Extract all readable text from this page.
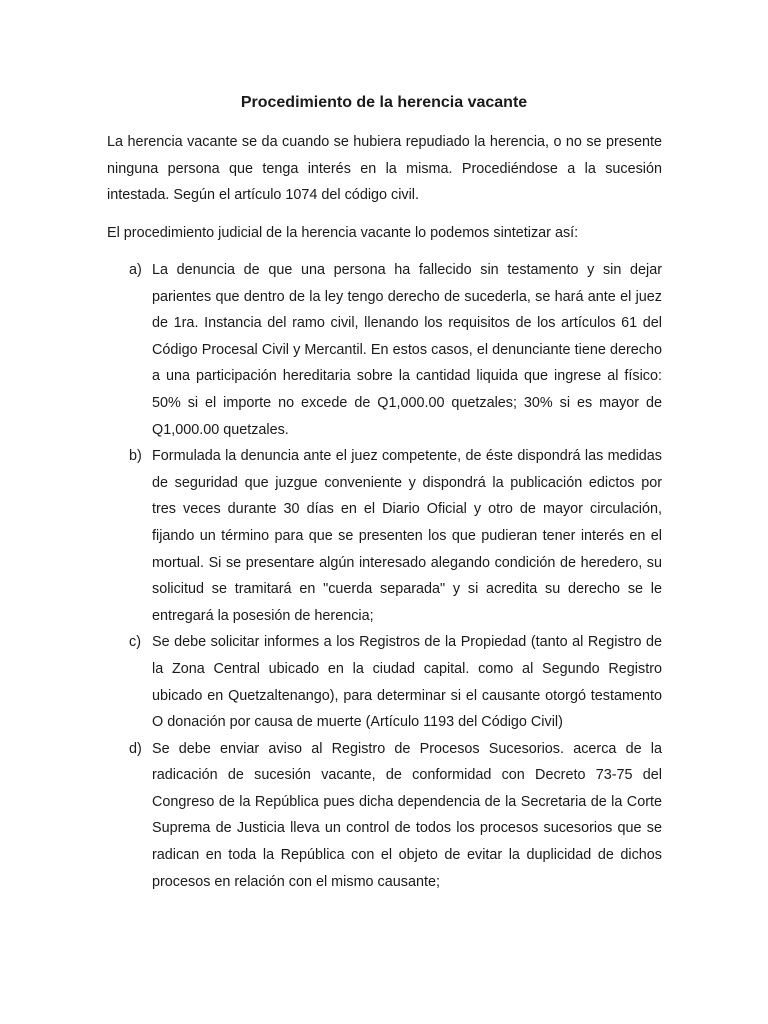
Procedimiento de la herencia vacante

La herencia vacante se da cuando se hubiera repudiado la herencia, o no se presente ninguna persona que tenga interés en la misma. Procediéndose a la sucesión intestada. Según el artículo 1074 del código civil.

El procedimiento judicial de la herencia vacante lo podemos sintetizar así:

a) La denuncia de que una persona ha fallecido sin testamento y sin dejar parientes que dentro de la ley tengo derecho de sucederla, se hará ante el juez de 1ra. Instancia del ramo civil, llenando los requisitos de los artículos 61 del Código Procesal Civil y Mercantil. En estos casos, el denunciante tiene derecho a una participación hereditaria sobre la cantidad liquida que ingrese al físico: 50% si el importe no excede de Q1,000.00 quetzales; 30% si es mayor de Q1,000.00 quetzales.
b) Formulada la denuncia ante el juez competente, de éste dispondrá las medidas de seguridad que juzgue conveniente y dispondrá la publicación edictos por tres veces durante 30 días en el Diario Oficial y otro de mayor circulación, fijando un término para que se presenten los que pudieran tener interés en el mortual. Si se presentare algún interesado alegando condición de heredero, su solicitud se tramitará en "cuerda separada" y si acredita su derecho se le entregará la posesión de herencia;
c) Se debe solicitar informes a los Registros de la Propiedad (tanto al Registro de la Zona Central ubicado en la ciudad capital. como al Segundo Registro ubicado en Quetzaltenango), para determinar si el causante otorgó testamento O donación por causa de muerte (Artículo 1193 del Código Civil)
d) Se debe enviar aviso al Registro de Procesos Sucesorios. acerca de la radicación de sucesión vacante, de conformidad con Decreto 73-75 del Congreso de la República pues dicha dependencia de la Secretaria de la Corte Suprema de Justicia lleva un control de todos los procesos sucesorios que se radican en toda la República con el objeto de evitar la duplicidad de dichos procesos en relación con el mismo causante;
